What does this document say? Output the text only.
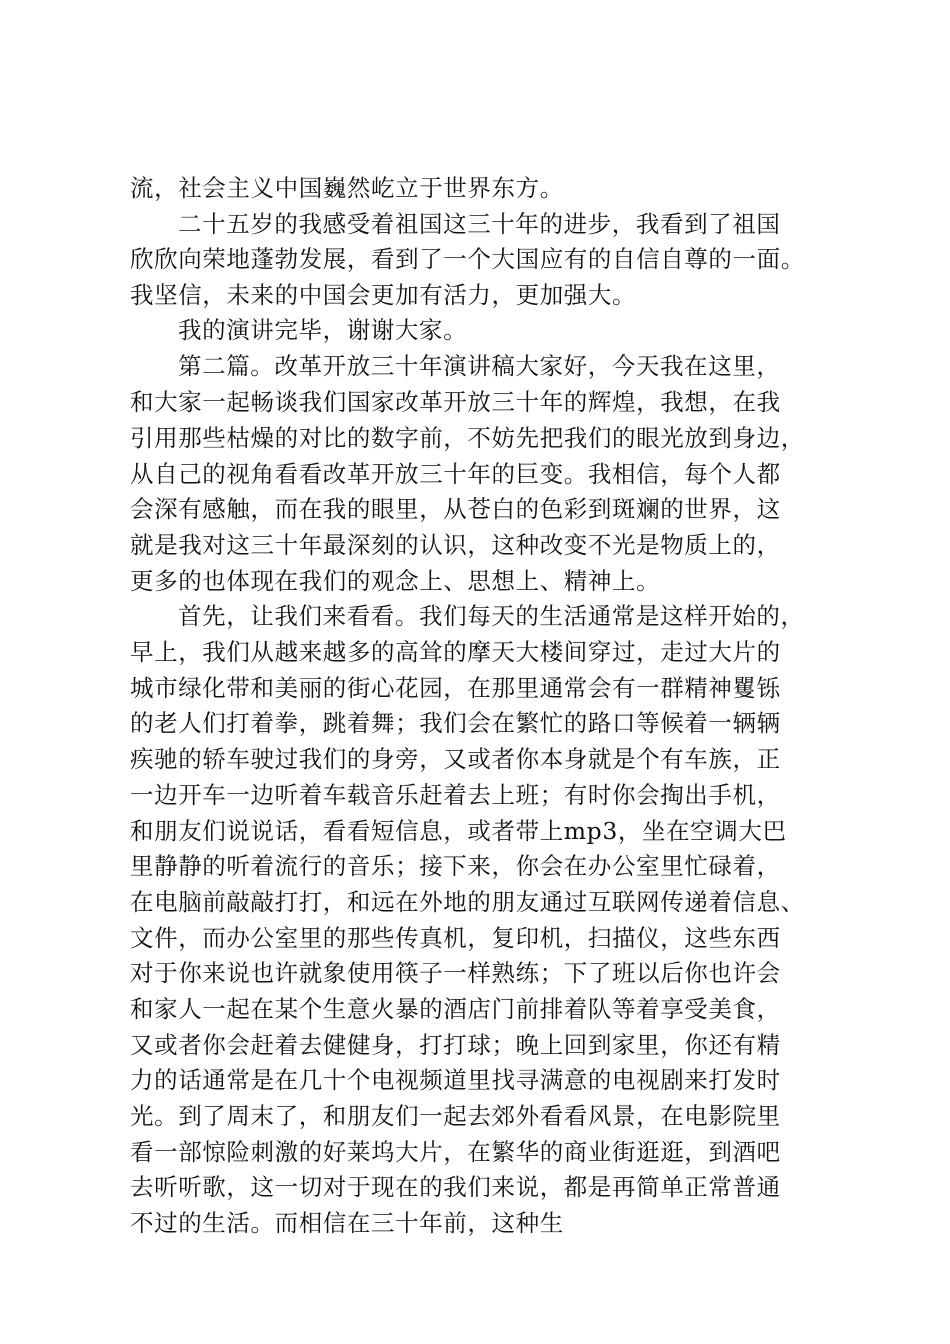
流，社会主义中国巍然屹立于世界东方。
二十五岁的我感受着祖国这三十年的进步，我看到了祖国
欣欣向荣地蓬勃发展，看到了一个大国应有的自信自尊的一面。
我坚信，未来的中国会更加有活力，更加强大。
我的演讲完毕，谢谢大家。
第二篇。改革开放三十年演讲稿大家好，今天我在这里，
和大家一起畅谈我们国家改革开放三十年的辉煌，我想，在我
引用那些枯燥的对比的数字前，不妨先把我们的眼光放到身边，
从自己的视角看看改革开放三十年的巨变。我相信，每个人都
会深有感触，而在我的眼里，从苍白的色彩到斑斓的世界，这
就是我对这三十年最深刻的认识，这种改变不光是物质上的，
更多的也体现在我们的观念上、思想上、精神上。
首先，让我们来看看。我们每天的生活通常是这样开始的，
早上，我们从越来越多的高耸的摩天大楼间穿过，走过大片的
城市绿化带和美丽的街心花园，在那里通常会有一群精神矍铄
的老人们打着拳，跳着舞；我们会在繁忙的路口等候着一辆辆
疾驰的轿车驶过我们的身旁，又或者你本身就是个有车族，正
一边开车一边听着车载音乐赶着去上班；有时你会掏出手机，
和朋友们说说话，看看短信息，或者带上mp3，坐在空调大巴
里静静的听着流行的音乐；接下来，你会在办公室里忙碌着，
在电脑前敲敲打打，和远在外地的朋友通过互联网传递着信息、
文件，而办公室里的那些传真机，复印机，扫描仪，这些东西
对于你来说也许就象使用筷子一样熟练；下了班以后你也许会
和家人一起在某个生意火暴的酒店门前排着队等着享受美食，
又或者你会赶着去健健身，打打球；晚上回到家里，你还有精
力的话通常是在几十个电视频道里找寻满意的电视剧来打发时
光。到了周末了，和朋友们一起去郊外看看风景，在电影院里
看一部惊险刺激的好莱坞大片，在繁华的商业街逛逛，到酒吧
去听听歌，这一切对于现在的我们来说，都是再简单正常普通
不过的生活。而相信在三十年前，这种生
